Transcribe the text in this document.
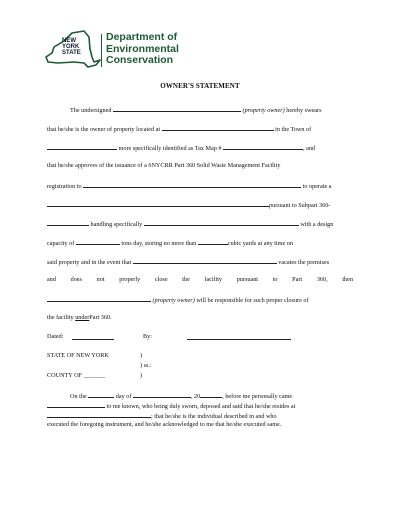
NEW
YORK
STATE
Department of
Environmental
Conservation
OWNER'S STATEMENT
The undersigned	(property owner) hereby swears
that he/she is the owner of property located at	in the Town of
more specifically identified as Tax Map #	, and
that he/she approves of the issuance of a 6NYCRR Part 360 Solid Waste Management Facility
registration to	to operate a
pursuant to Subpart 360-
handling specifically	with a design
capacity of	tons day, storing no more than	cubic yards at any time on
said property and in the event that	vacates the premises
and does not properly close the facility pursuant to Part 360, then
(property owner) will be responsible for such proper closure of
the facility underPart 360.
Dated:	By:
STATE OF NEW YORK	)
) ss.:
COUNTY OF _______	)
On the	day of	, 20	, before me personally came
to me known, who being duly sworn, deposed and said that he/she resides at
; that he/she is the individual described in and who
executed the foregoing instrument, and he/she acknowledged to me that he/she executed same.
